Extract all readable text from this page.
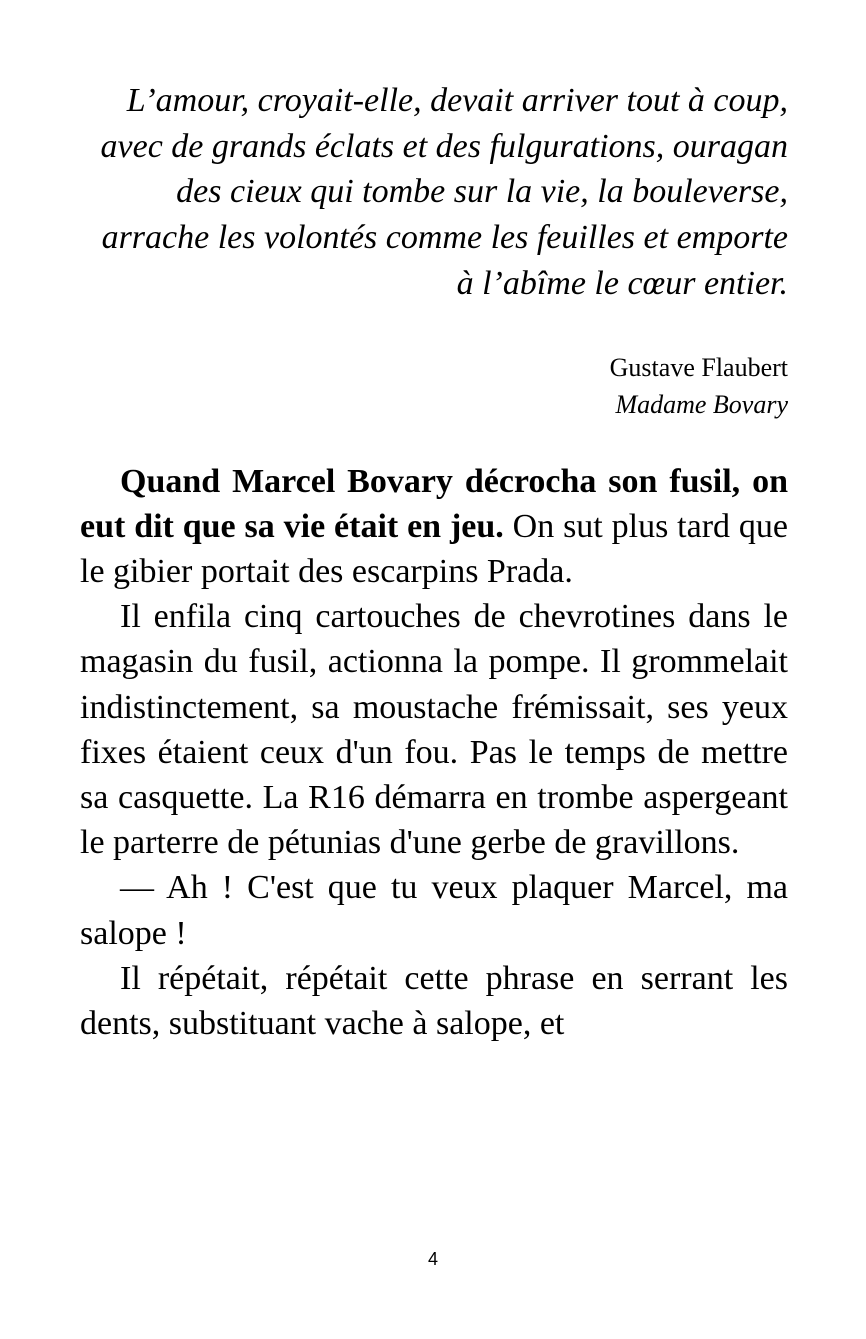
L’amour, croyait-elle, devait arriver tout à coup, avec de grands éclats et des fulgurations, ouragan des cieux qui tombe sur la vie, la bouleverse, arrache les volontés comme les feuilles et emporte à l’abîme le cœur entier.

Gustave Flaubert
Madame Bovary

Quand Marcel Bovary décrocha son fusil, on eut dit que sa vie était en jeu. On sut plus tard que le gibier portait des escarpins Prada.

Il enfila cinq cartouches de chevrotines dans le magasin du fusil, actionna la pompe. Il grommelait indistinctement, sa moustache frémissait, ses yeux fixes étaient ceux d'un fou. Pas le temps de mettre sa casquette. La R16 démarra en trombe aspergeant le parterre de pétunias d'une gerbe de gravillons.

— Ah ! C'est que tu veux plaquer Marcel, ma salope !

Il répétait, répétait cette phrase en serrant les dents, substituant vache à salope, et

4
